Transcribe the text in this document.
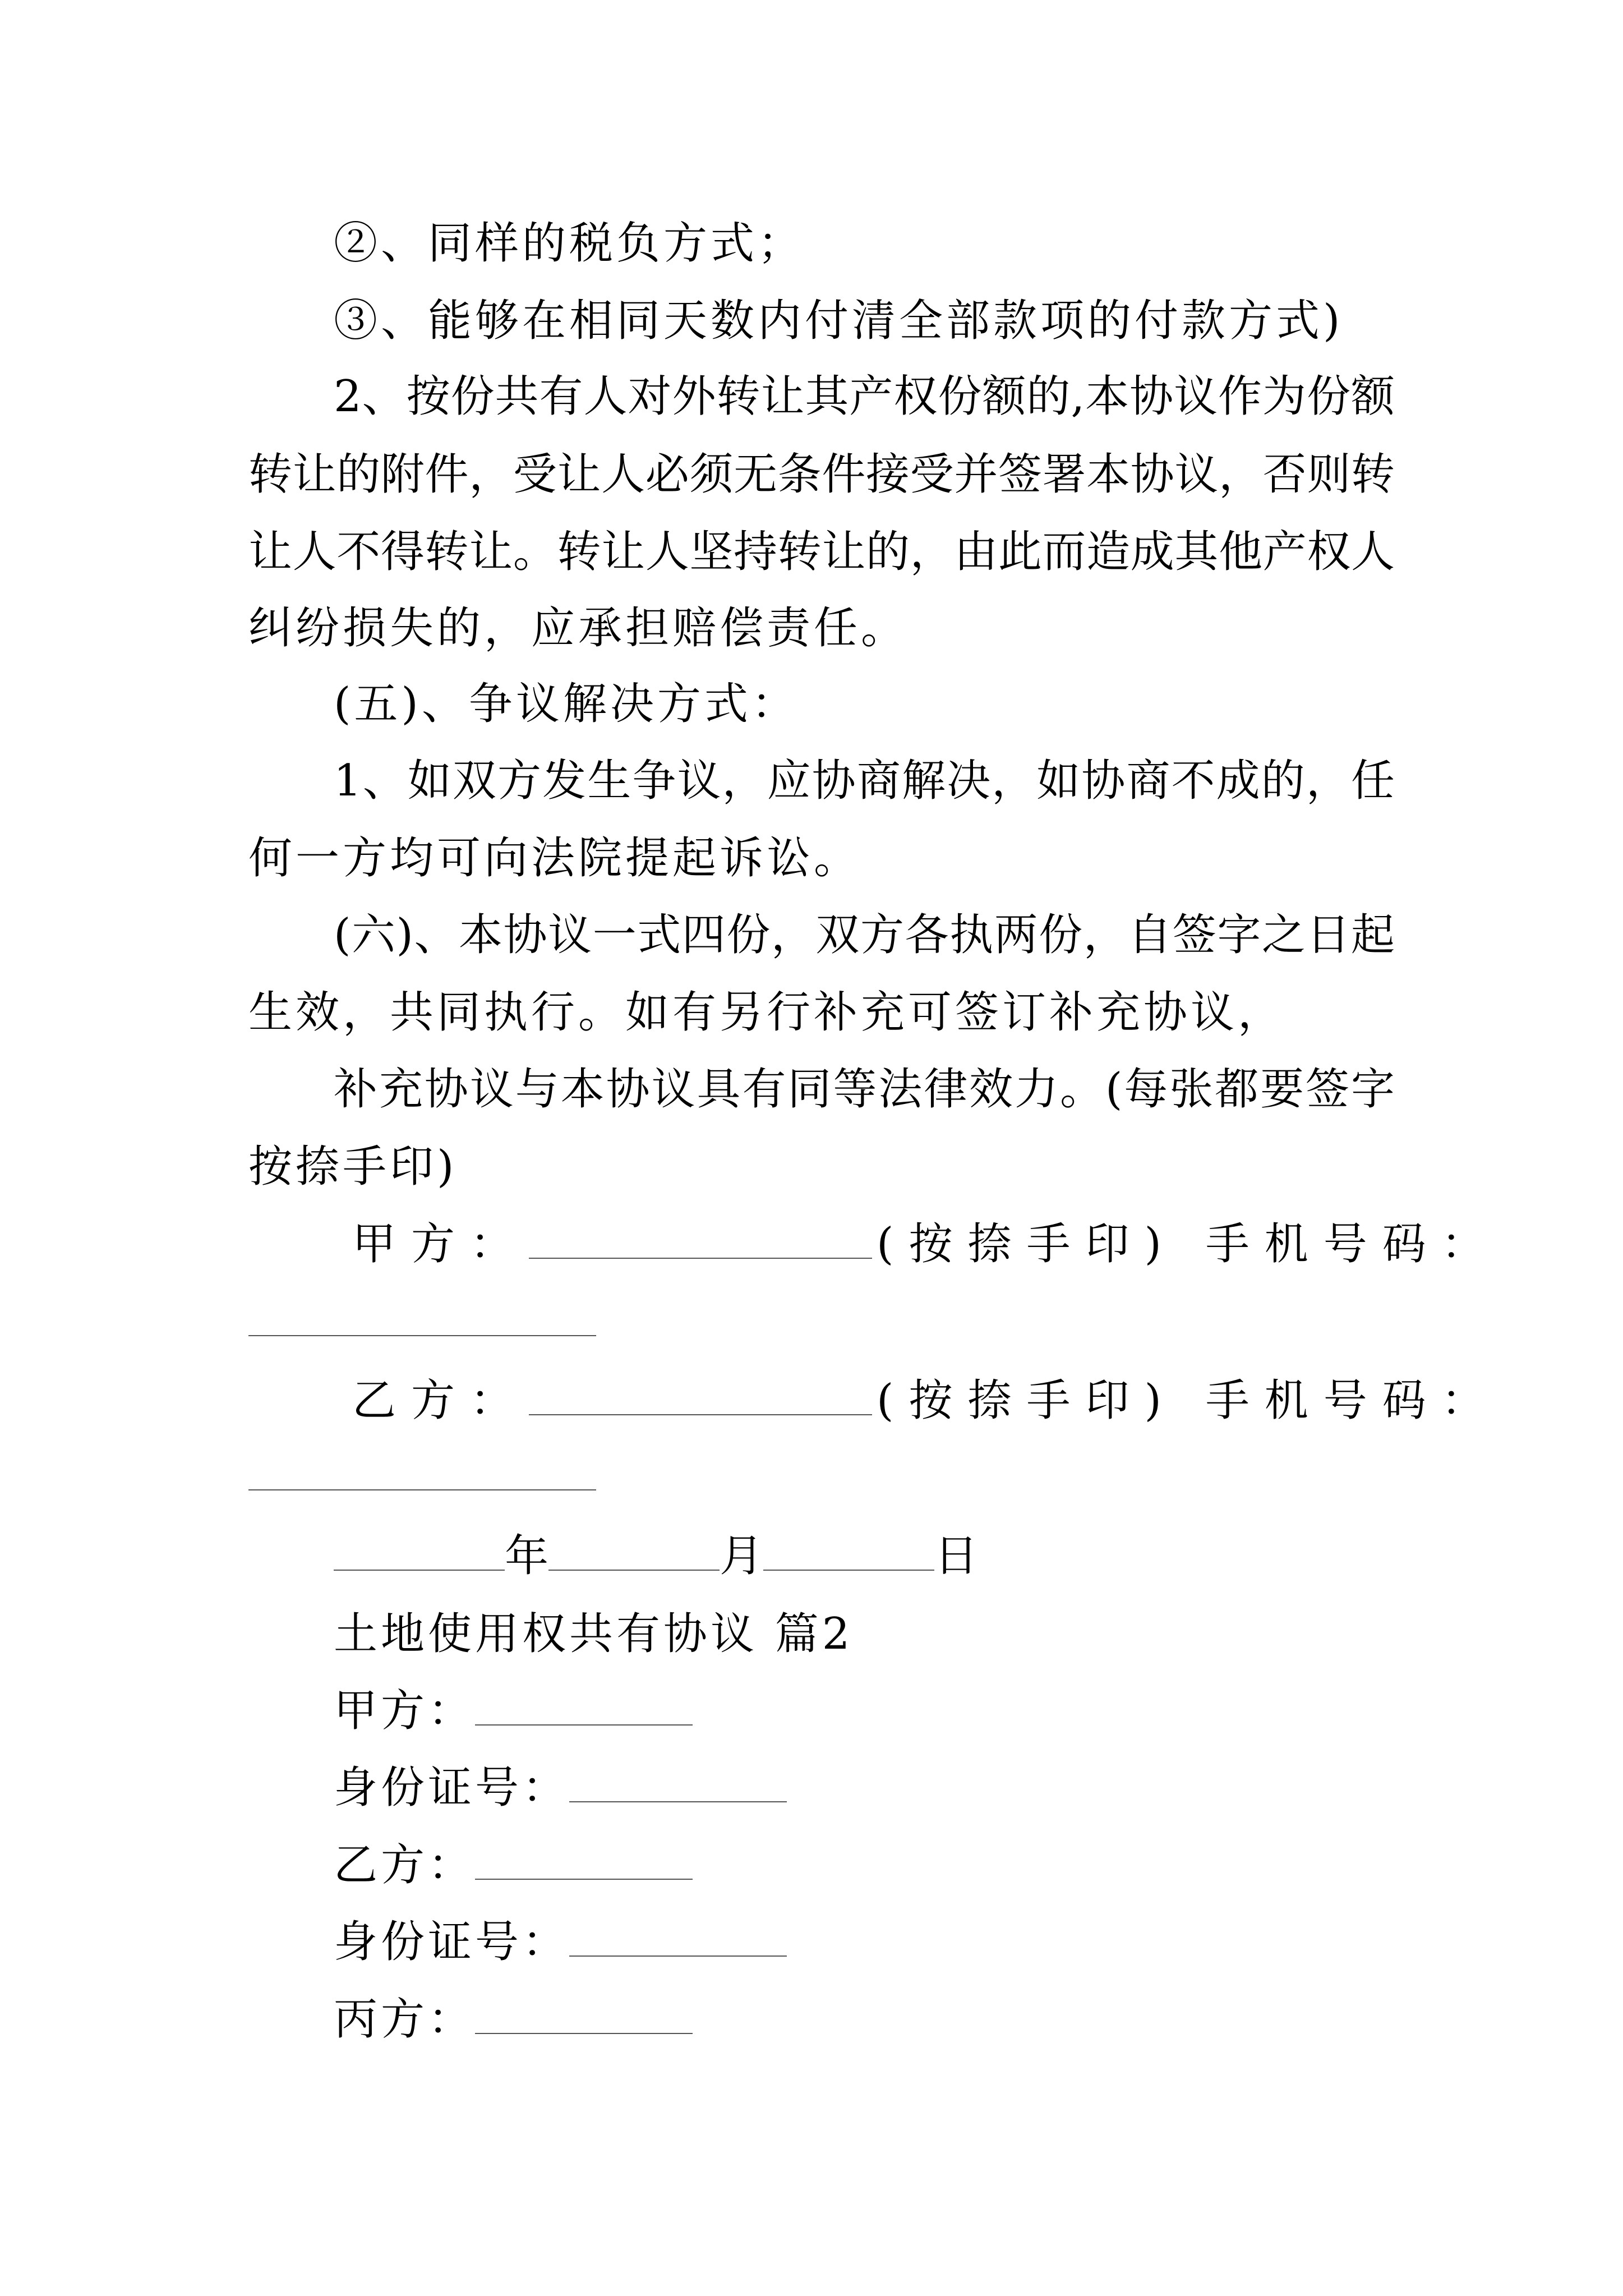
②、同样的税负方式；
③、能够在相同天数内付清全部款项的付款方式)
2、按份共有人对外转让其产权份额的,本协议作为份额
转让的附件，受让人必须无条件接受并签署本协议，否则转
让人不得转让。转让人坚持转让的，由此而造成其他产权人
纠纷损失的，应承担赔偿责任。
(五)、争议解决方式：
1、如双方发生争议，应协商解决，如协商不成的，任
何一方均可向法院提起诉讼。
(六)、本协议一式四份，双方各执两份，自签字之日起
生效，共同执行。如有另行补充可签订补充协议，
补充协议与本协议具有同等法律效力。(每张都要签字
按捺手印)
甲方：	(按捺手印) 手机号码：
乙方：	(按捺手印) 手机号码：
年	月	日
土地使用权共有协议 篇2
甲方：
身份证号：
乙方：
身份证号：
丙方：
